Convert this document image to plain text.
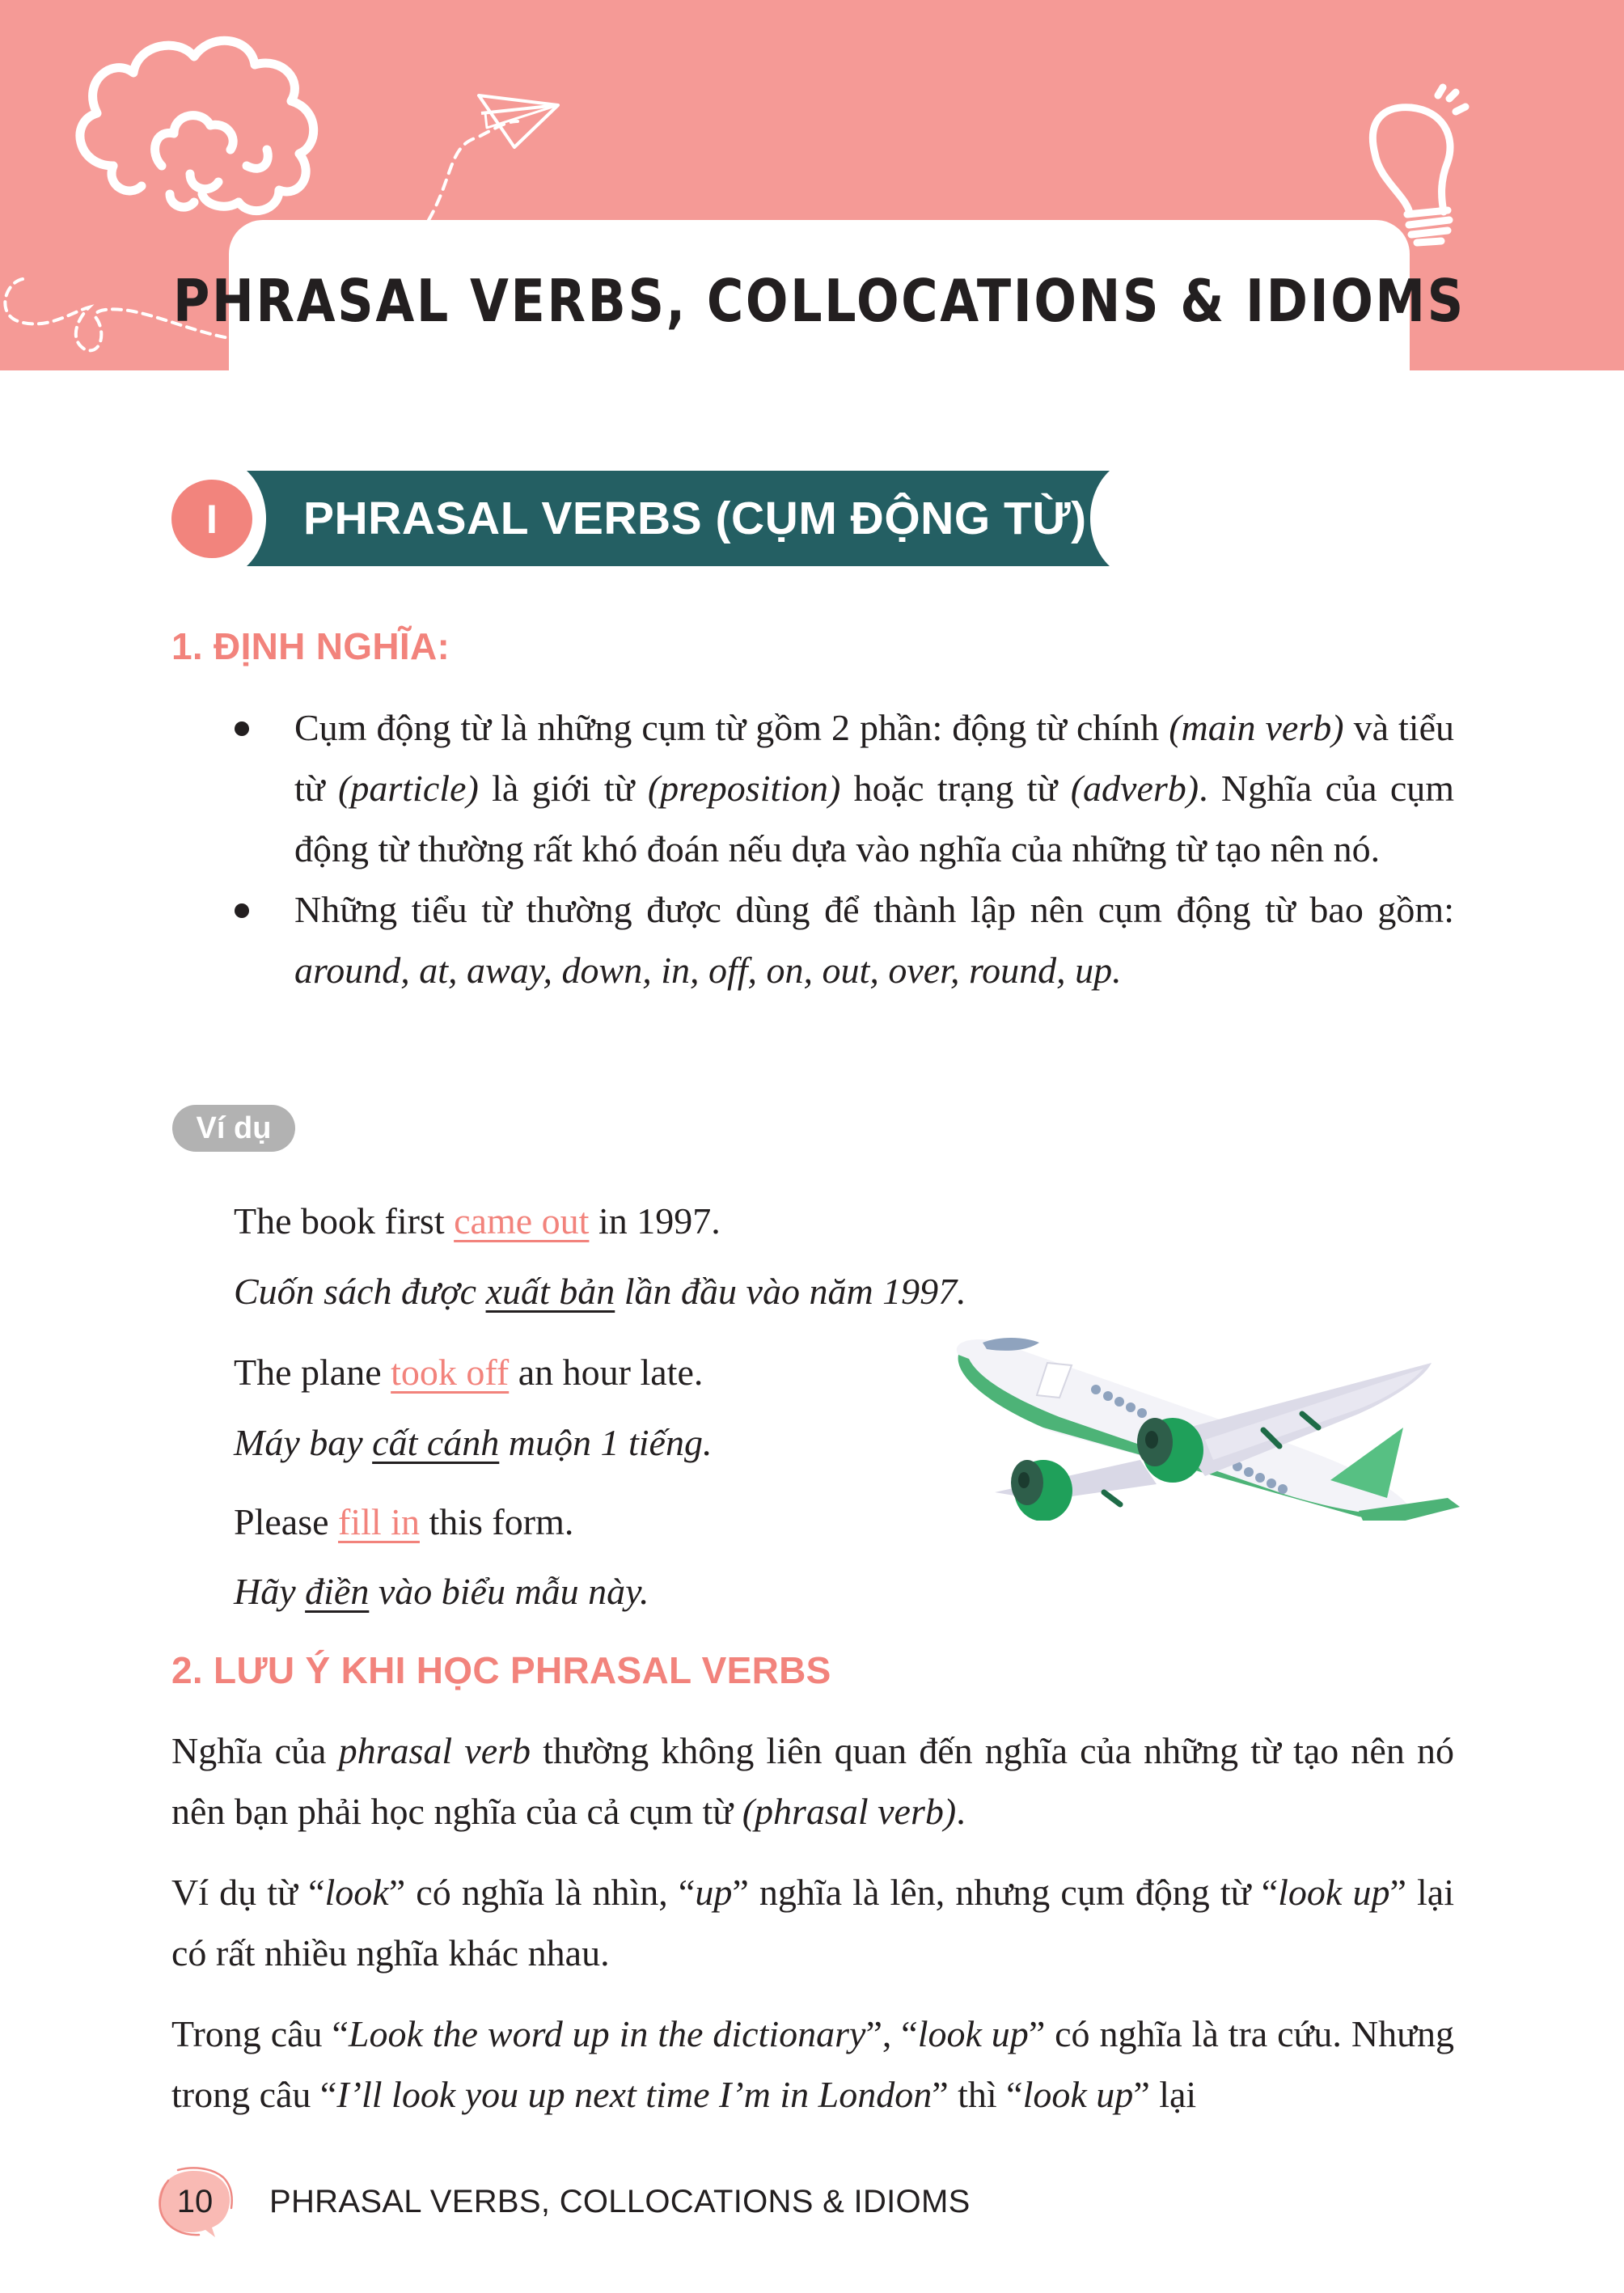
PHRASAL VERBS, COLLOCATIONS & IDIOMS
I	PHRASAL VERBS (CỤM ĐỘNG TỪ)
1. ĐỊNH NGHĨA:
Cụm động từ là những cụm từ gồm 2 phần: động từ chính (main verb) và tiểu từ (particle) là giới từ (preposition) hoặc trạng từ (adverb). Nghĩa của cụm động từ thường rất khó đoán nếu dựa vào nghĩa của những từ tạo nên nó.
Những tiểu từ thường được dùng để thành lập nên cụm động từ bao gồm: around, at, away, down, in, off, on, out, over, round, up.
Ví dụ
The book first came out in 1997.
Cuốn sách được xuất bản lần đầu vào năm 1997.
The plane took off an hour late.
Máy bay cất cánh muộn 1 tiếng.
Please fill in this form.
Hãy điền vào biểu mẫu này.
2. LƯU Ý KHI HỌC PHRASAL VERBS

Nghĩa của phrasal verb thường không liên quan đến nghĩa của những từ tạo nên nó nên bạn phải học nghĩa của cả cụm từ (phrasal verb).

Ví dụ từ “look” có nghĩa là nhìn, “up” nghĩa là lên, nhưng cụm động từ “look up” lại có rất nhiều nghĩa khác nhau.

Trong câu “Look the word up in the dictionary”, “look up” có nghĩa là tra cứu. Nhưng trong câu “I’ll look you up next time I’m in London” thì “look up” lại

10	PHRASAL VERBS, COLLOCATIONS & IDIOMS
